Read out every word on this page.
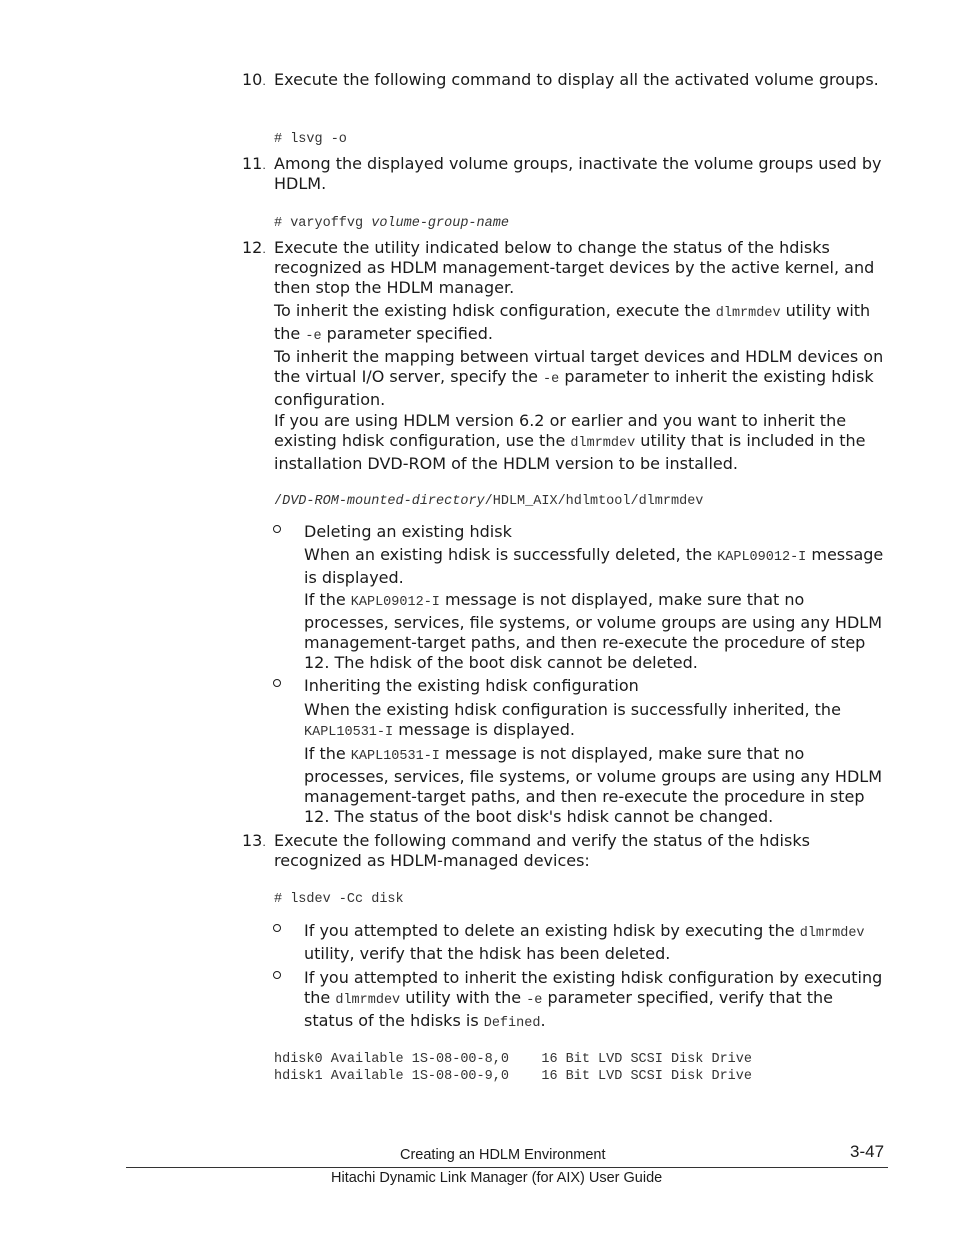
10. Execute the following command to display all the activated volume groups.
# lsvg -o
11. Among the displayed volume groups, inactivate the volume groups used by HDLM.
# varyoffvg volume-group-name
12. Execute the utility indicated below to change the status of the hdisks recognized as HDLM management-target devices by the active kernel, and then stop the HDLM manager.
To inherit the existing hdisk configuration, execute the dlmrmdev utility with the -e parameter specified.
To inherit the mapping between virtual target devices and HDLM devices on the virtual I/O server, specify the -e parameter to inherit the existing hdisk configuration.
If you are using HDLM version 6.2 or earlier and you want to inherit the existing hdisk configuration, use the dlmrmdev utility that is included in the installation DVD-ROM of the HDLM version to be installed.
/DVD-ROM-mounted-directory/HDLM_AIX/hdlmtool/dlmrmdev
Deleting an existing hdisk
When an existing hdisk is successfully deleted, the KAPL09012-I message is displayed.
If the KAPL09012-I message is not displayed, make sure that no processes, services, file systems, or volume groups are using any HDLM management-target paths, and then re-execute the procedure of step 12. The hdisk of the boot disk cannot be deleted.
Inheriting the existing hdisk configuration
When the existing hdisk configuration is successfully inherited, the KAPL10531-I message is displayed.
If the KAPL10531-I message is not displayed, make sure that no processes, services, file systems, or volume groups are using any HDLM management-target paths, and then re-execute the procedure in step 12. The status of the boot disk's hdisk cannot be changed.
13. Execute the following command and verify the status of the hdisks recognized as HDLM-managed devices:
# lsdev -Cc disk
If you attempted to delete an existing hdisk by executing the dlmrmdev utility, verify that the hdisk has been deleted.
If you attempted to inherit the existing hdisk configuration by executing the dlmrmdev utility with the -e parameter specified, verify that the status of the hdisks is Defined.
hdisk0 Available 1S-08-00-8,0    16 Bit LVD SCSI Disk Drive
hdisk1 Available 1S-08-00-9,0    16 Bit LVD SCSI Disk Drive
Creating an HDLM Environment	3-47
Hitachi Dynamic Link Manager (for AIX) User Guide
